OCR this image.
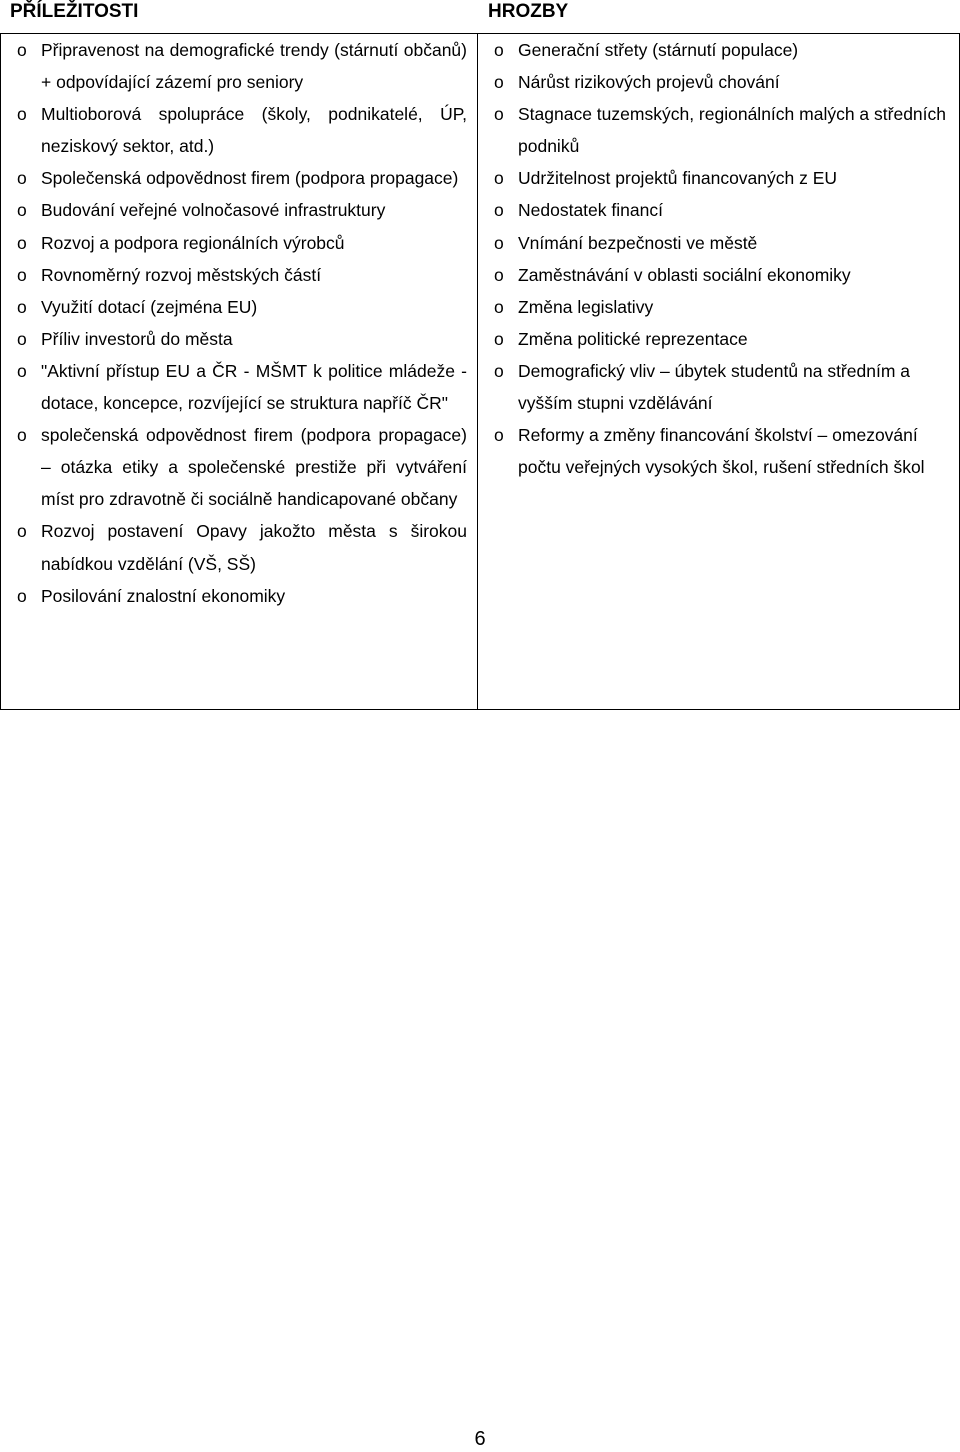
PŘÍLEŽITOSTI	HROZBY
o Připravenost na demografické trendy (stárnutí občanů) + odpovídající zázemí pro seniory
o Multioborová spolupráce (školy, podnikatelé, ÚP, neziskový sektor, atd.)
o Společenská odpovědnost firem (podpora propagace)
o Budování veřejné volnočasové infrastruktury
o Rozvoj a podpora regionálních výrobců
o Rovnoměrný rozvoj městských částí
o Využití dotací (zejména EU)
o Příliv investorů do města
o "Aktivní přístup EU a ČR - MŠMT k politice mládeže - dotace, koncepce, rozvíjející se struktura napříč ČR"
o společenská odpovědnost firem (podpora propagace) – otázka etiky a společenské prestiže při vytváření míst pro zdravotně či sociálně handicapované občany
o Rozvoj postavení Opavy jakožto města s širokou nabídkou vzdělání (VŠ, SŠ)
o Posilování znalostní ekonomiky
o Generační střety (stárnutí populace)
o Nárůst rizikových projevů chování
o Stagnace tuzemských, regionálních malých a středních podniků
o Udržitelnost projektů financovaných z EU
o Nedostatek financí
o Vnímání bezpečnosti ve městě
o Zaměstnávání v oblasti sociální ekonomiky
o Změna legislativy
o Změna politické reprezentace
o Demografický vliv – úbytek studentů na středním a vyšším stupni vzdělávání
o Reformy a změny financování školství – omezování počtu veřejných vysokých škol, rušení středních škol
6
